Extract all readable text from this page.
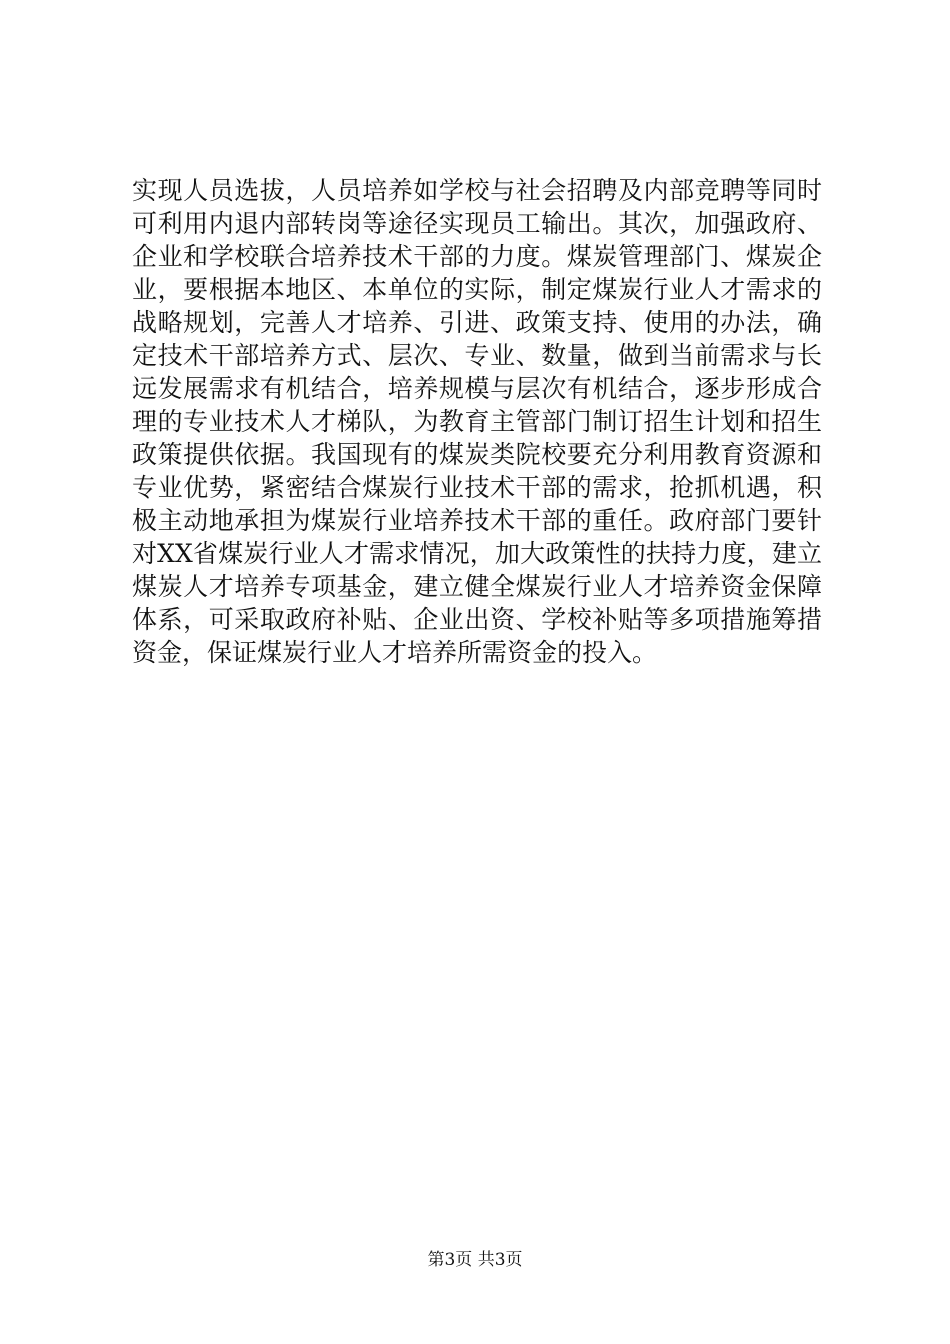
实现人员选拔，人员培养如学校与社会招聘及内部竞聘等同时
可利用内退内部转岗等途径实现员工输出。其次，加强政府、
企业和学校联合培养技术干部的力度。煤炭管理部门、煤炭企
业，要根据本地区、本单位的实际，制定煤炭行业人才需求的
战略规划，完善人才培养、引进、政策支持、使用的办法，确
定技术干部培养方式、层次、专业、数量，做到当前需求与长
远发展需求有机结合，培养规模与层次有机结合，逐步形成合
理的专业技术人才梯队，为教育主管部门制订招生计划和招生
政策提供依据。我国现有的煤炭类院校要充分利用教育资源和
专业优势，紧密结合煤炭行业技术干部的需求，抢抓机遇，积
极主动地承担为煤炭行业培养技术干部的重任。政府部门要针
对XX省煤炭行业人才需求情况，加大政策性的扶持力度，建立
煤炭人才培养专项基金，建立健全煤炭行业人才培养资金保障
体系，可采取政府补贴、企业出资、学校补贴等多项措施筹措
资金，保证煤炭行业人才培养所需资金的投入。

第3页 共3页
